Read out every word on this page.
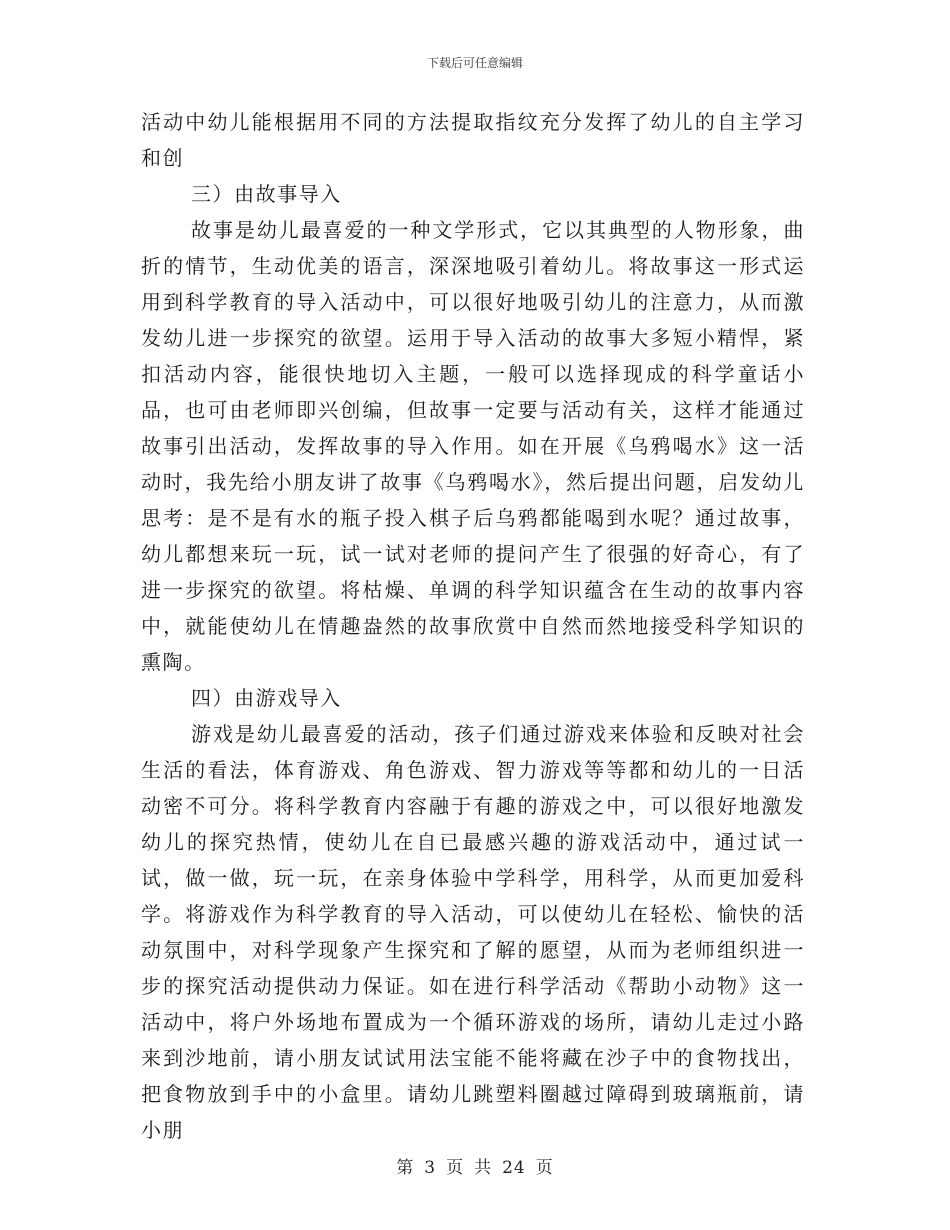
下载后可任意编辑

活动中幼儿能根据用不同的方法提取指纹充分发挥了幼儿的自主学习和创

三）由故事导入

故事是幼儿最喜爱的一种文学形式，它以其典型的人物形象，曲折的情节，生动优美的语言，深深地吸引着幼儿。将故事这一形式运用到科学教育的导入活动中，可以很好地吸引幼儿的注意力，从而激发幼儿进一步探究的欲望。运用于导入活动的故事大多短小精悍，紧扣活动内容，能很快地切入主题，一般可以选择现成的科学童话小品，也可由老师即兴创编，但故事一定要与活动有关，这样才能通过故事引出活动，发挥故事的导入作用。如在开展《乌鸦喝水》这一活动时，我先给小朋友讲了故事《乌鸦喝水》，然后提出问题，启发幼儿思考：是不是有水的瓶子投入棋子后乌鸦都能喝到水呢？通过故事，幼儿都想来玩一玩，试一试对老师的提问产生了很强的好奇心，有了进一步探究的欲望。将枯燥、单调的科学知识蕴含在生动的故事内容中，就能使幼儿在情趣盎然的故事欣赏中自然而然地接受科学知识的熏陶。

四）由游戏导入

游戏是幼儿最喜爱的活动，孩子们通过游戏来体验和反映对社会生活的看法，体育游戏、角色游戏、智力游戏等等都和幼儿的一日活动密不可分。将科学教育内容融于有趣的游戏之中，可以很好地激发幼儿的探究热情，使幼儿在自已最感兴趣的游戏活动中，通过试一试，做一做，玩一玩，在亲身体验中学科学，用科学，从而更加爱科学。将游戏作为科学教育的导入活动，可以使幼儿在轻松、愉快的活动氛围中，对科学现象产生探究和了解的愿望，从而为老师组织进一步的探究活动提供动力保证。如在进行科学活动《帮助小动物》这一活动中，将户外场地布置成为一个循环游戏的场所，请幼儿走过小路来到沙地前，请小朋友试试用法宝能不能将藏在沙子中的食物找出，把食物放到手中的小盒里。请幼儿跳塑料圈越过障碍到玻璃瓶前，请小朋

第 3 页 共 24 页
